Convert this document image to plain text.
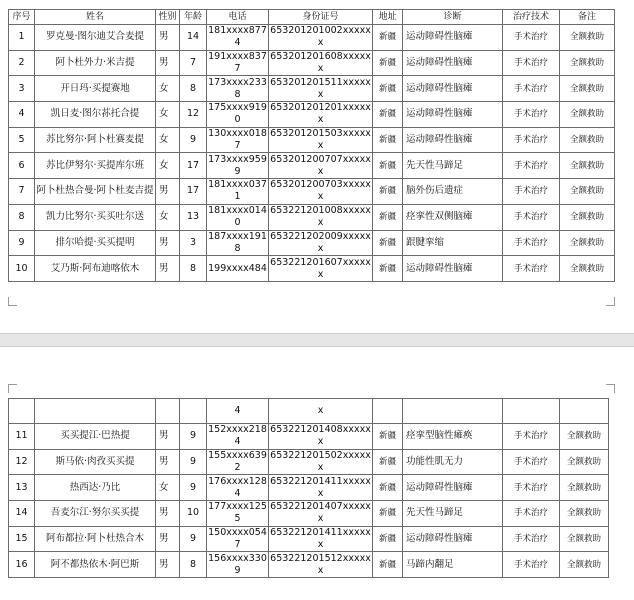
序号	姓名	性别	年龄	电话	身份证号	地址	诊断	治疗技术	备注
1	罗克曼·图尔迪艾合麦提	男	14	181xxxx8774	653201201002xxxxxx	新疆	运动障碍性脑瘫	手术治疗	全额救助
2	阿卜杜外力·米吉提	男	7	191xxxx8377	653201201608xxxxxx	新疆	运动障碍性脑瘫	手术治疗	全额救助
3	开日玛·买提赛地	女	8	173xxxx2338	653201201511xxxxxx	新疆	运动障碍性脑瘫	手术治疗	全额救助
4	凯日麦·图尔荪托合提	女	12	175xxxx9190	653201201201xxxxxx	新疆	运动障碍性脑瘫	手术治疗	全额救助
5	苏比努尔·阿卜杜赛麦提	女	9	130xxxx0187	653201201503xxxxxx	新疆	运动障碍性脑瘫	手术治疗	全额救助
6	苏比伊努尔·买提库尔班	女	17	173xxxx9599	653201200707xxxxxx	新疆	先天性马蹄足	手术治疗	全额救助
7	阿卜杜热合曼·阿卜杜麦吉提	男	17	181xxxx0371	653201200703xxxxxx	新疆	脑外伤后遗症	手术治疗	全额救助
8	凯力比努尔·买买吐尔送	女	13	181xxxx0140	653221201008xxxxxx	新疆	痉挛性双侧脑瘫	手术治疗	全额救助
9	排尔哈提·买买提明	男	3	187xxxx1918	653221202009xxxxxx	新疆	跟腱挛缩	手术治疗	全额救助
10	艾乃斯·阿布迪喀依木	男	8	199xxxx484	653221201607xxxxxx	新疆	运动障碍性脑瘫	手术治疗	全额救助
				4	x				
11	买买提江·巴热提	男	9	152xxxx2184	653221201408xxxxxx	新疆	痉挛型脑性瘫痪	手术治疗	全额救助
12	斯马依·肉孜买买提	男	9	155xxxx6392	653221201502xxxxxx	新疆	功能性肌无力	手术治疗	全额救助
13	热西达·乃比	女	9	176xxxx1284	653221201411xxxxxx	新疆	运动障碍性脑瘫	手术治疗	全额救助
14	吾麦尔江·努尔买买提	男	10	177xxxx1255	653221201407xxxxxx	新疆	先天性马蹄足	手术治疗	全额救助
15	阿布都拉·阿卜杜热合木	男	9	150xxxx0547	653221201411xxxxxx	新疆	运动障碍性脑瘫	手术治疗	全额救助
16	阿不都热依木·阿巴斯	男	8	156xxxx3309	653221201512xxxxxx	新疆	马蹄内翻足	手术治疗	全额救助
